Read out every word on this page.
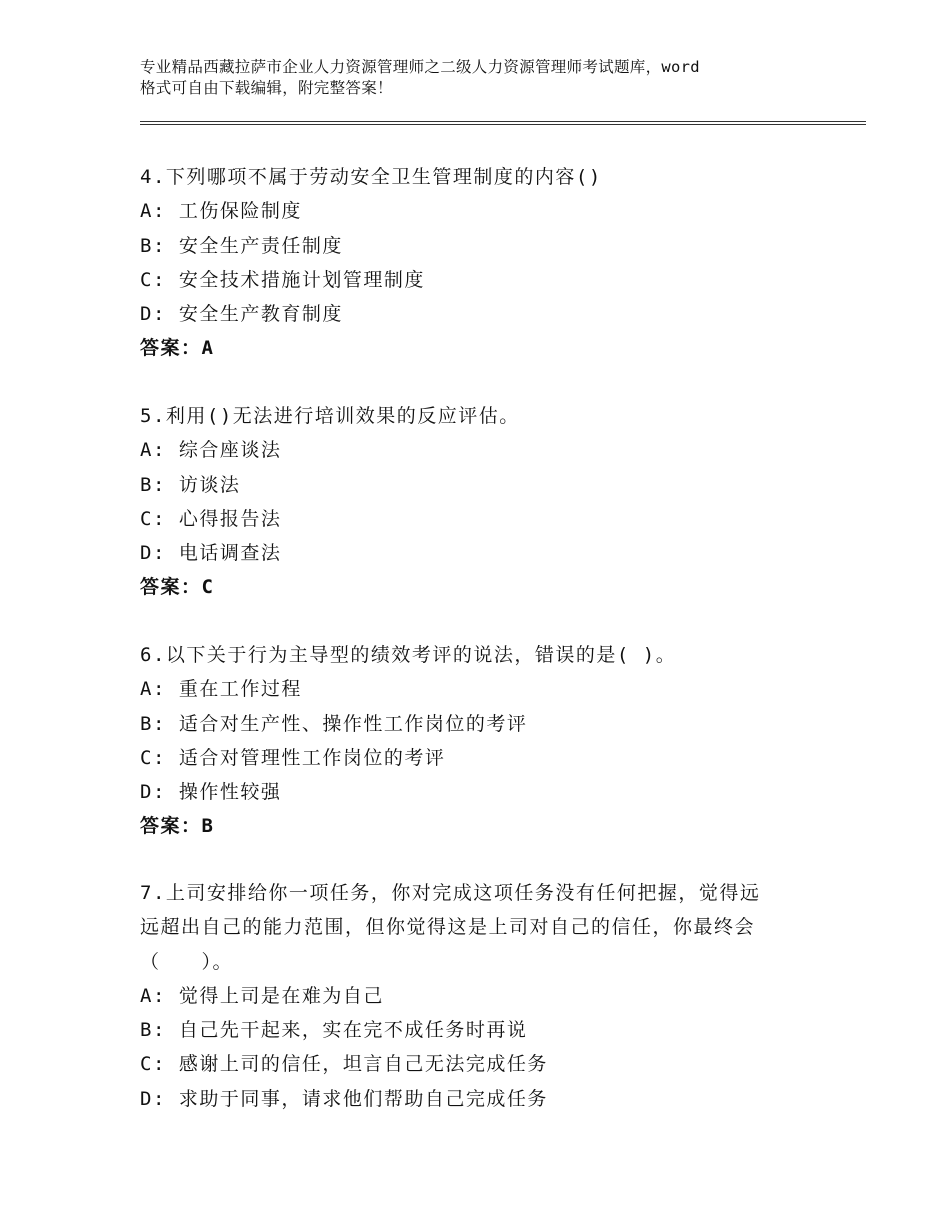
专业精品西藏拉萨市企业人力资源管理师之二级人力资源管理师考试题库，word
格式可自由下载编辑，附完整答案！
4.下列哪项不属于劳动安全卫生管理制度的内容()
A: 工伤保险制度
B: 安全生产责任制度
C: 安全技术措施计划管理制度
D: 安全生产教育制度
答案：A
5.利用()无法进行培训效果的反应评估。
A: 综合座谈法
B: 访谈法
C: 心得报告法
D: 电话调查法
答案：C
6.以下关于行为主导型的绩效考评的说法，错误的是( )。
A: 重在工作过程
B: 适合对生产性、操作性工作岗位的考评
C: 适合对管理性工作岗位的考评
D: 操作性较强
答案：B
7.上司安排给你一项任务，你对完成这项任务没有任何把握，觉得远
远超出自己的能力范围，但你觉得这是上司对自己的信任，你最终会
（　　）。
A: 觉得上司是在难为自己
B: 自己先干起来，实在完不成任务时再说
C: 感谢上司的信任，坦言自己无法完成任务
D: 求助于同事，请求他们帮助自己完成任务
